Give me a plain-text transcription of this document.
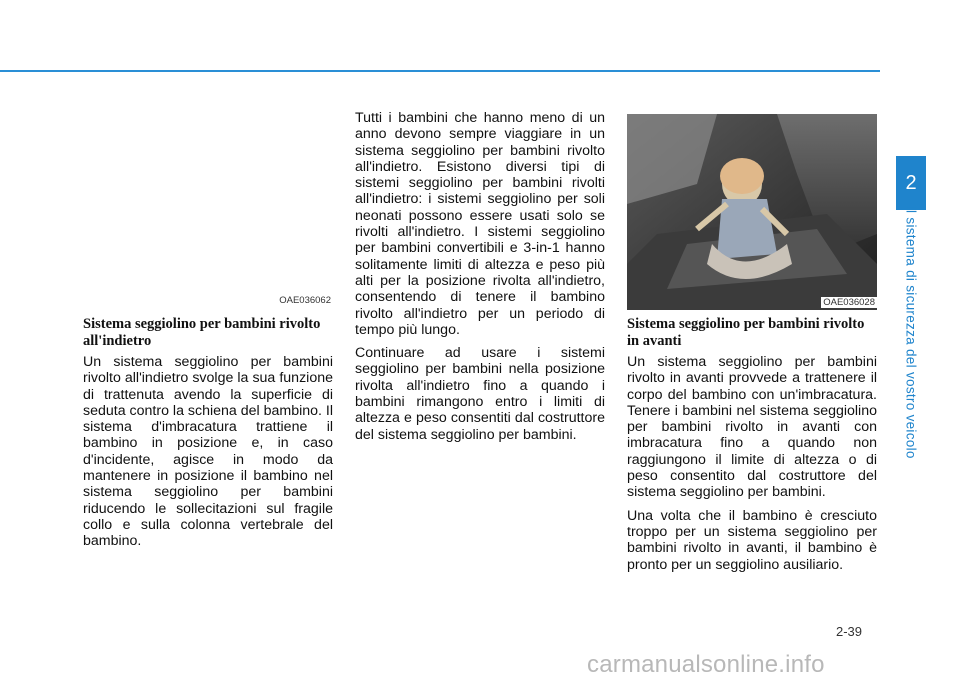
2
Il sistema di sicurezza del vostro veicolo
OAE036062
Sistema seggiolino per bambini rivolto all'indietro

Un sistema seggiolino per bambini rivolto all'indietro svolge la sua funzione di trattenuta avendo la superficie di seduta contro la schiena del bambino. Il sistema d'imbracatura trattiene il bambino in posizione e, in caso d'incidente, agisce in modo da mantenere in posizione il bambino nel sistema seggiolino per bambini riducendo le sollecitazioni sul fragile collo e sulla colonna vertebrale del bambino.

Tutti i bambini che hanno meno di un anno devono sempre viaggiare in un sistema seggiolino per bambini rivolto all'indietro. Esistono diversi tipi di sistemi seggiolino per bambini rivolti all'indietro: i sistemi seggiolino per soli neonati possono essere usati solo se rivolti all'indietro. I sistemi seggiolino per bambini convertibili e 3-in-1 hanno solitamente limiti di altezza e peso più alti per la posizione rivolta all'indietro, consentendo di tenere il bambino rivolto all'indietro per un periodo di tempo più lungo.

Continuare ad usare i sistemi seggiolino per bambini nella posizione rivolta all'indietro fino a quando i bambini rimangono entro i limiti di altezza e peso consentiti dal costruttore del sistema seggiolino per bambini.

OAE036028
Sistema seggiolino per bambini rivolto in avanti

Un sistema seggiolino per bambini rivolto in avanti provvede a trattenere il corpo del bambino con un'imbracatura. Tenere i bambini nel sistema seggiolino per bambini rivolto in avanti con imbracatura fino a quando non raggiungono il limite di altezza o di peso consentito dal costruttore del sistema seggiolino per bambini.

Una volta che il bambino è cresciuto troppo per un sistema seggiolino per bambini rivolto in avanti, il bambino è pronto per un seggiolino ausiliario.

2-39
carmanualsonline.info
